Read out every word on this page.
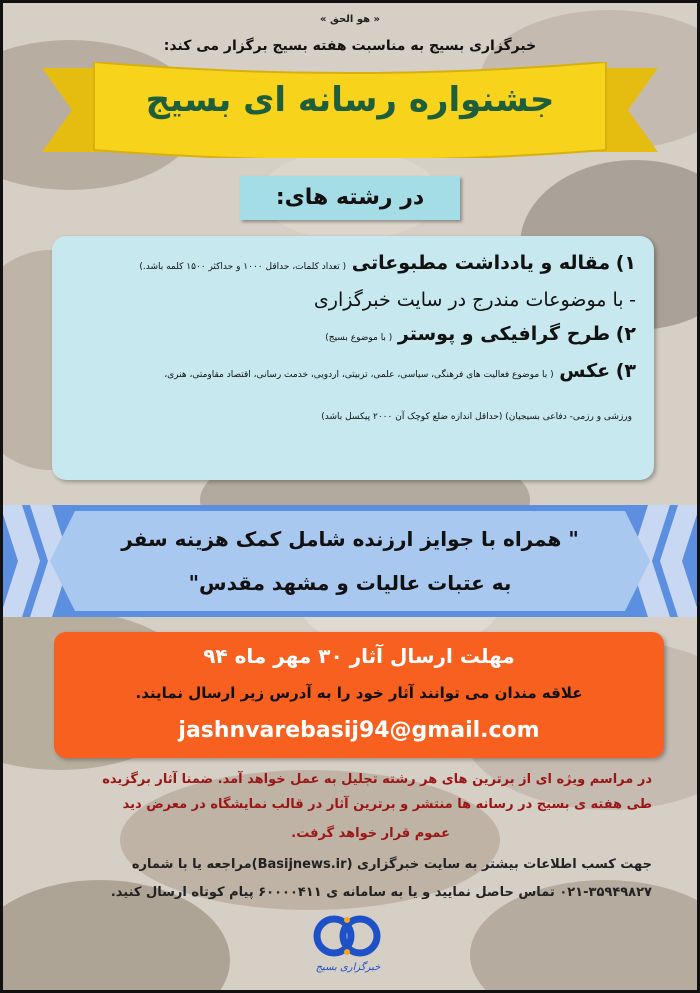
« هو الحق »
خبرگزاری بسیج به مناسبت هفته بسیج برگزار می کند:
جشنواره رسانه ای بسیج
در رشته های:
۱) مقاله و یادداشت مطبوعاتی ( تعداد کلمات، حداقل ۱۰۰۰ و حداکثر ۱۵۰۰ کلمه باشد.)
- با موضوعات مندرج در سایت خبرگزاری
۲) طرح گرافیکی و پوستر ( با موضوع بسیج)
۳) عکس ( با موضوع فعالیت های فرهنگی، سیاسی، علمی، تربیتی، اردویی، خدمت رسانی، اقتصاد مقاومتی، هنری،
ورزشی و رزمی- دفاعی بسیجیان) (حداقل اندازه ضلع کوچک آن ۲۰۰۰ پیکسل باشد)
" همراه با جوایز ارزنده شامل کمک هزینه سفر
به عتبات عالیات و مشهد مقدس"
مهلت ارسال آثار ۳۰ مهر ماه ۹۴
علاقه مندان می توانند آثار خود را به آدرس زیر ارسال نمایند.
jashnvarebasij94@gmail.com
در مراسم ویژه ای از برترین های هر رشته تجلیل به عمل خواهد آمد. ضمنا آثار برگزیده
طی هفته ی بسیج در رسانه ها منتشر و برترین آثار در قالب نمایشگاه در معرض دید
عموم قرار خواهد گرفت.
جهت کسب اطلاعات بیشتر به سایت خبرگزاری (Basijnews.ir)مراجعه یا با شماره
۰۲۱-۳۵۹۴۹۸۲۷ تماس حاصل نمایید و یا به سامانه ی ۶۰۰۰۰۴۱۱ پیام کوتاه ارسال کنید.
خبرگزاری بسیج
